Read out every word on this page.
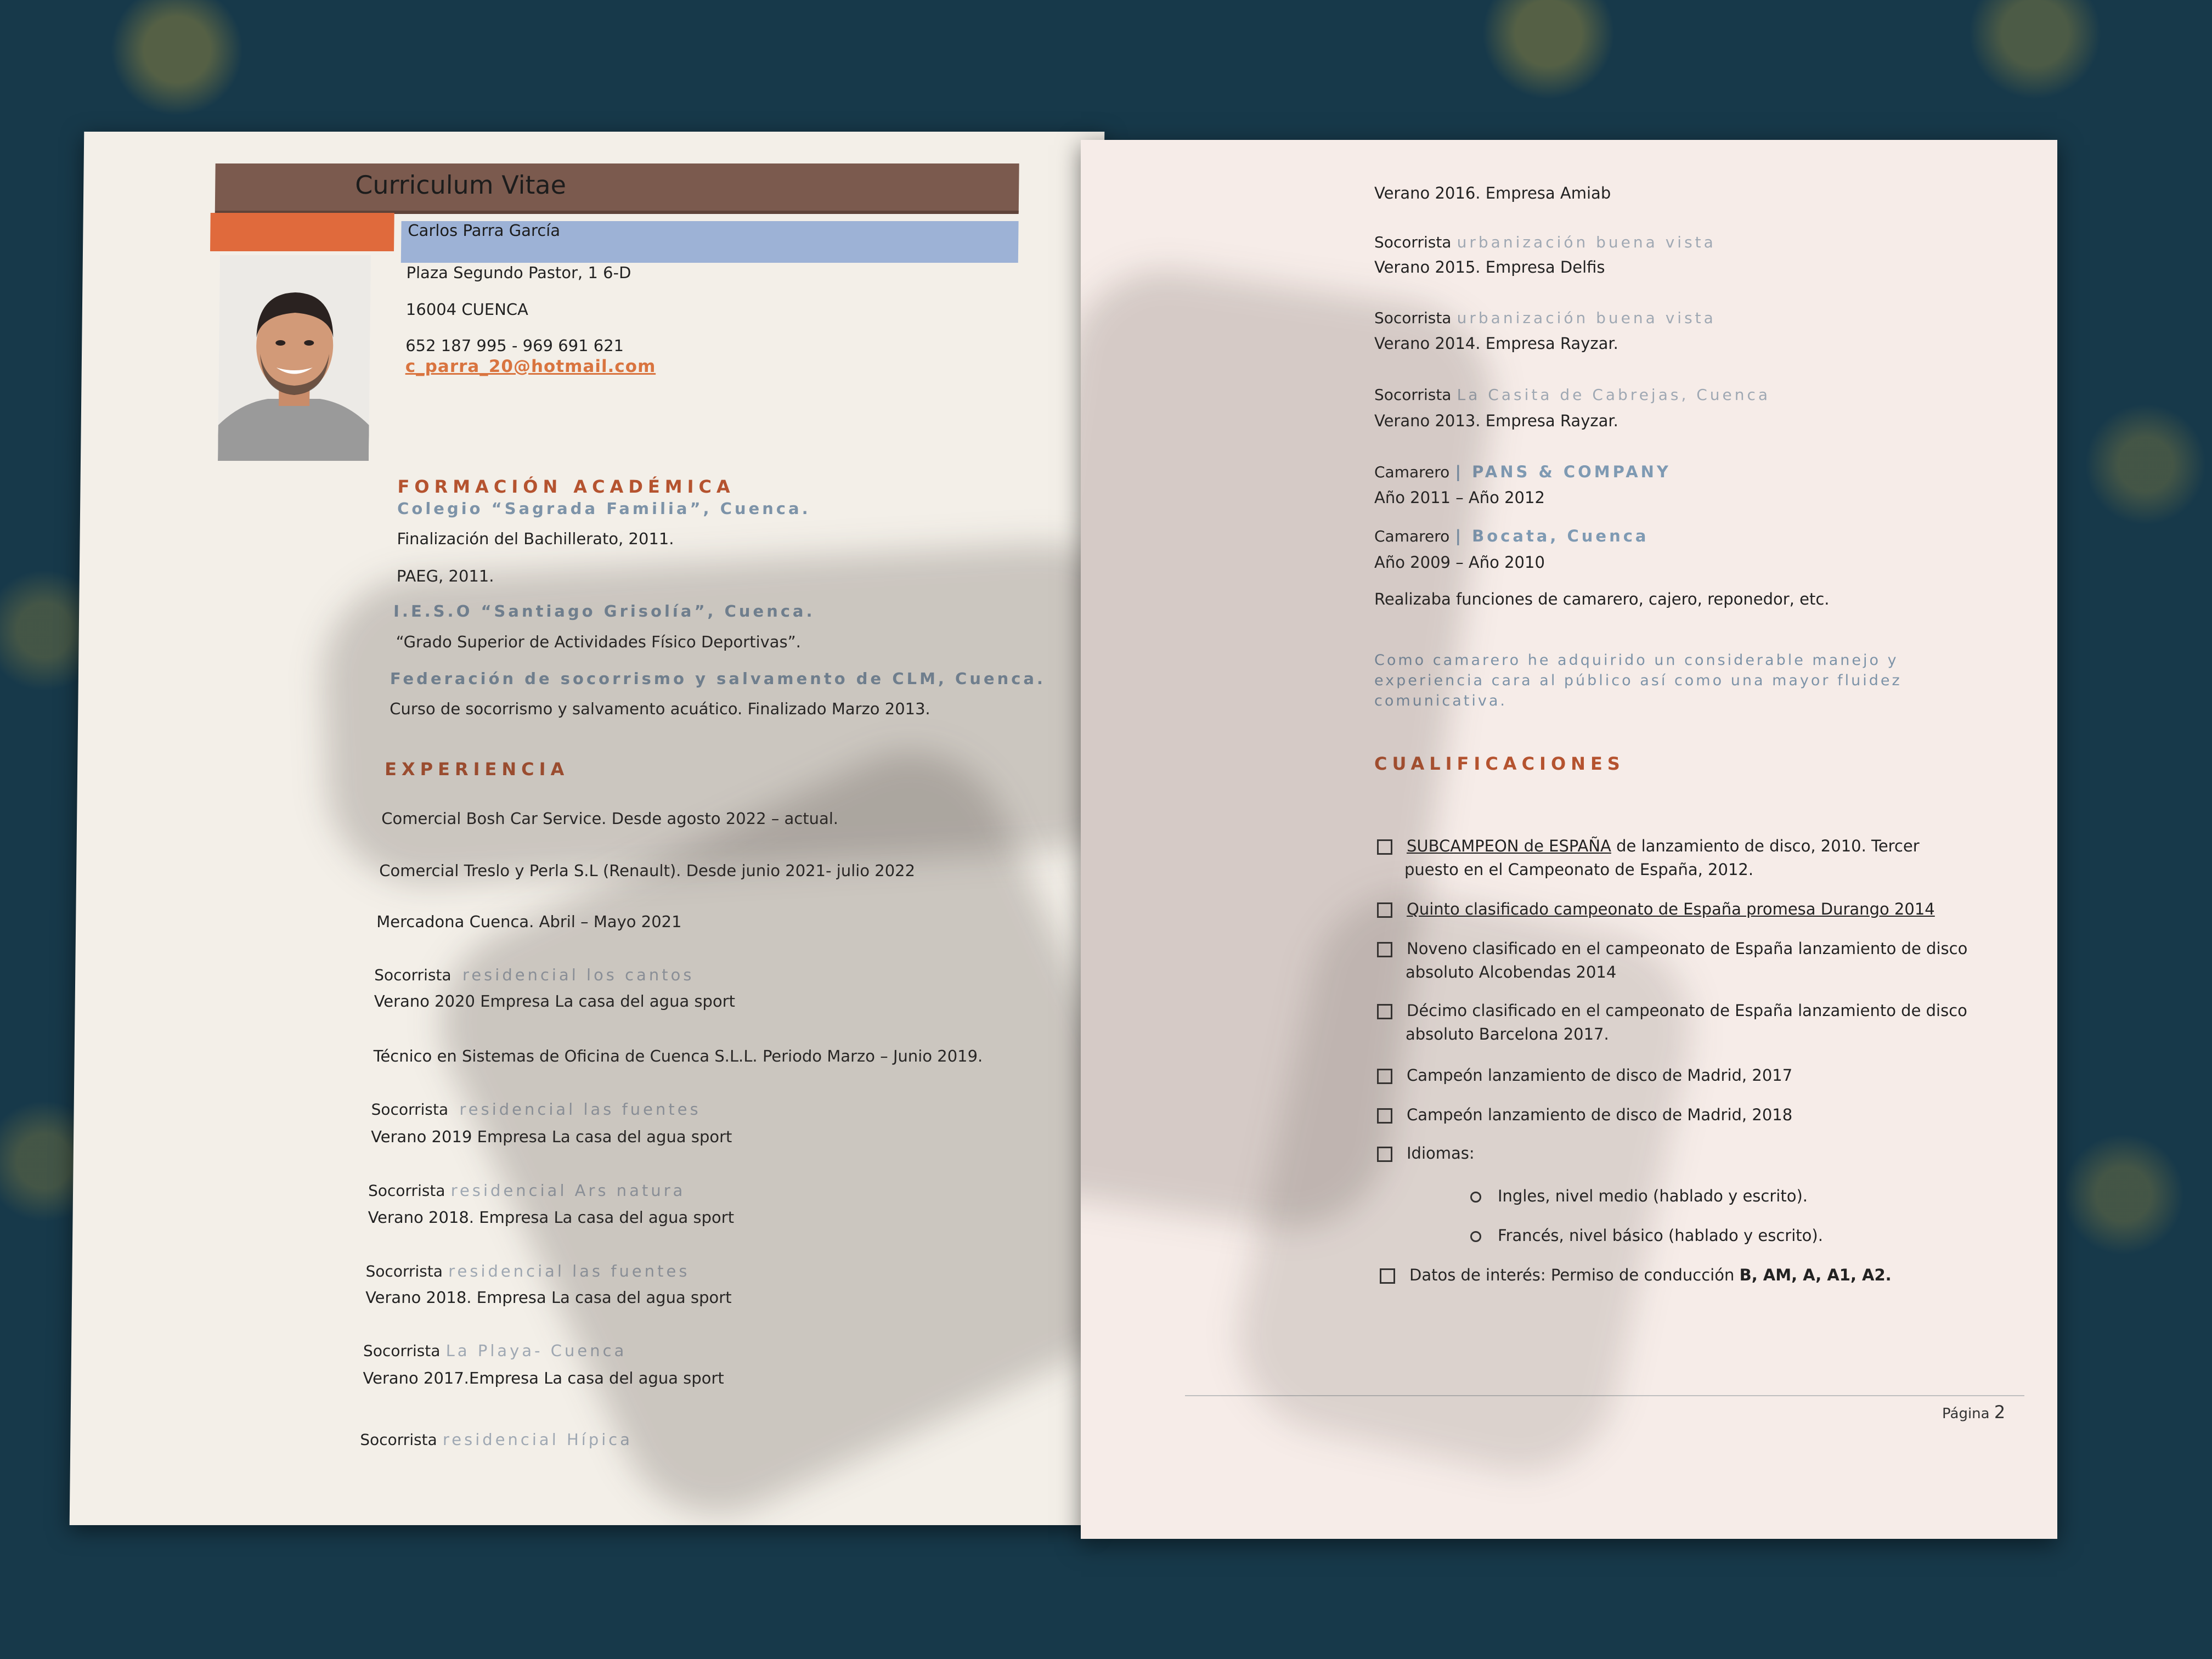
Curriculum Vitae
Carlos Parra García
Plaza Segundo Pastor, 1 6-D
16004 CUENCA
652 187 995 - 969 691 621
c_parra_20@hotmail.com
FORMACIÓN ACADÉMICA
Colegio “Sagrada Familia”, Cuenca.
Finalización del Bachillerato, 2011.
PAEG, 2011.
I.E.S.O “Santiago Grisolía”, Cuenca.
“Grado Superior de Actividades Físico Deportivas”.
Federación de socorrismo y salvamento de CLM, Cuenca.
Curso de socorrismo y salvamento acuático. Finalizado Marzo 2013.
EXPERIENCIA
Comercial Bosh Car Service. Desde agosto 2022 – actual.
Comercial Treslo y Perla S.L (Renault). Desde junio 2021- julio 2022
Mercadona Cuenca. Abril – Mayo 2021
Socorrista residencial los cantos
Verano 2020 Empresa La casa del agua sport
Técnico en Sistemas de Oficina de Cuenca S.L.L. Periodo Marzo – Junio 2019.
Socorrista residencial las fuentes
Verano 2019 Empresa La casa del agua sport
Socorrista residencial Ars natura
Verano 2018. Empresa La casa del agua sport
Socorrista residencial las fuentes
Verano 2018. Empresa La casa del agua sport
Socorrista La Playa- Cuenca
Verano 2017.Empresa La casa del agua sport
Socorrista residencial Hípica
Verano 2016. Empresa Amiab
Socorrista urbanización buena vista
Verano 2015. Empresa Delfis
Socorrista urbanización buena vista
Verano 2014. Empresa Rayzar.
Socorrista La Casita de Cabrejas, Cuenca
Verano 2013. Empresa Rayzar.
Camarero | PANS & COMPANY
Año 2011 – Año 2012
Camarero | Bocata, Cuenca
Año 2009 – Año 2010
Realizaba funciones de camarero, cajero, reponedor, etc.
Como camarero he adquirido un considerable manejo y
experiencia cara al público así como una mayor fluidez
comunicativa.
CUALIFICACIONES
SUBCAMPEON de ESPAÑA de lanzamiento de disco, 2010. Tercer
puesto en el Campeonato de España, 2012.
Quinto clasificado campeonato de España promesa Durango 2014
Noveno clasificado en el campeonato de España lanzamiento de disco
absoluto Alcobendas 2014
Décimo clasificado en el campeonato de España lanzamiento de disco
absoluto Barcelona 2017.
Campeón lanzamiento de disco de Madrid, 2017
Campeón lanzamiento de disco de Madrid, 2018
Idiomas:
Ingles, nivel medio (hablado y escrito).
Francés, nivel básico (hablado y escrito).
Datos de interés: Permiso de conducción B, AM, A, A1, A2.
Página 2
